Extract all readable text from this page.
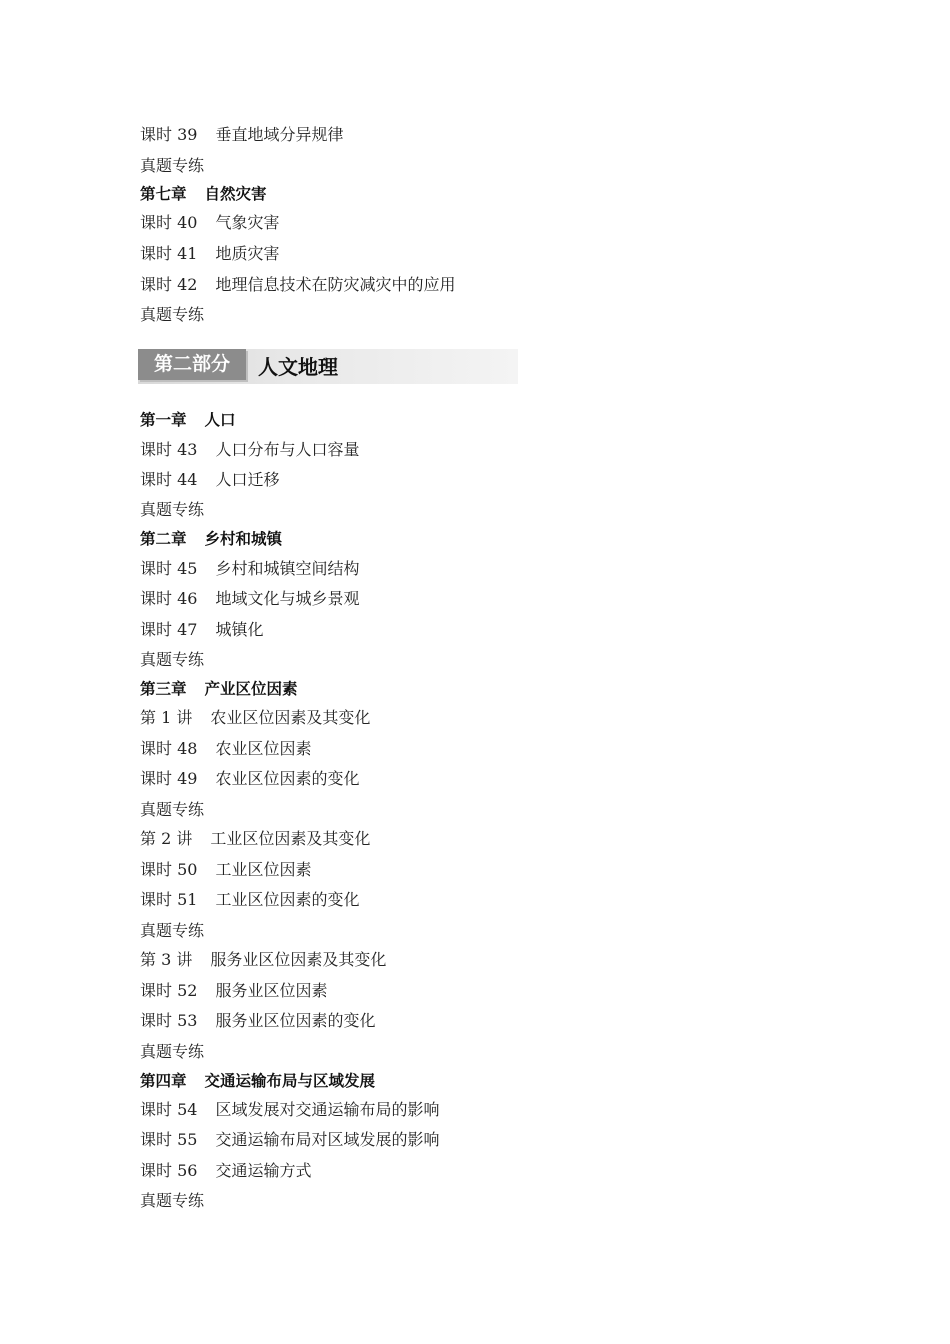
课时 39 垂直地域分异规律
真题专练
第七章 自然灾害
课时 40 气象灾害
课时 41 地质灾害
课时 42 地理信息技术在防灾减灾中的应用
真题专练
第一章 人口
课时 43 人口分布与人口容量
课时 44 人口迁移
真题专练
第二章 乡村和城镇
课时 45 乡村和城镇空间结构
课时 46 地域文化与城乡景观
课时 47 城镇化
真题专练
第三章 产业区位因素
第 1 讲 农业区位因素及其变化
课时 48 农业区位因素
课时 49 农业区位因素的变化
真题专练
第 2 讲 工业区位因素及其变化
课时 50 工业区位因素
课时 51 工业区位因素的变化
真题专练
第 3 讲 服务业区位因素及其变化
课时 52 服务业区位因素
课时 53 服务业区位因素的变化
真题专练
第四章 交通运输布局与区域发展
课时 54 区域发展对交通运输布局的影响
课时 55 交通运输布局对区域发展的影响
课时 56 交通运输方式
真题专练
第二部分	人文地理
